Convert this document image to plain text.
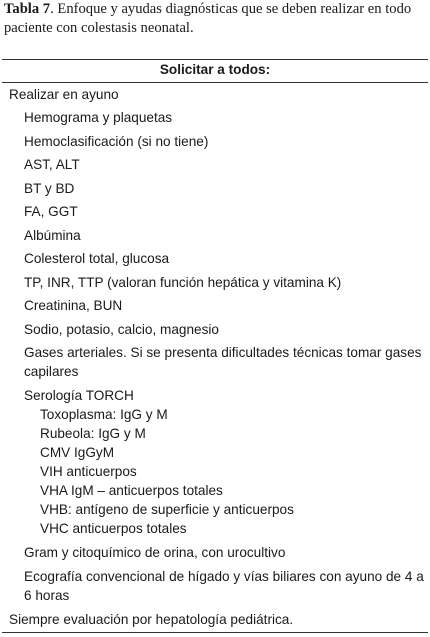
Tabla 7. Enfoque y ayudas diagnósticas que se deben realizar en todo
paciente con colestasis neonatal.
Solicitar a todos:
Realizar en ayuno
Hemograma y plaquetas
Hemoclasificación (si no tiene)
AST, ALT
BT y BD
FA, GGT
Albúmina
Colesterol total, glucosa
TP, INR, TTP (valoran función hepática y vitamina K)
Creatinina, BUN
Sodio, potasio, calcio, magnesio
Gases arteriales. Si se presenta dificultades técnicas tomar gases
capilares
Serología TORCH
Toxoplasma: IgG y M
Rubeola: IgG y M
CMV IgGyM
VIH anticuerpos
VHA IgM – anticuerpos totales
VHB: antígeno de superficie y anticuerpos
VHC anticuerpos totales
Gram y citoquímico de orina, con urocultivo
Ecografía convencional de hígado y vías biliares con ayuno de 4 a
6 horas
Siempre evaluación por hepatología pediátrica.
